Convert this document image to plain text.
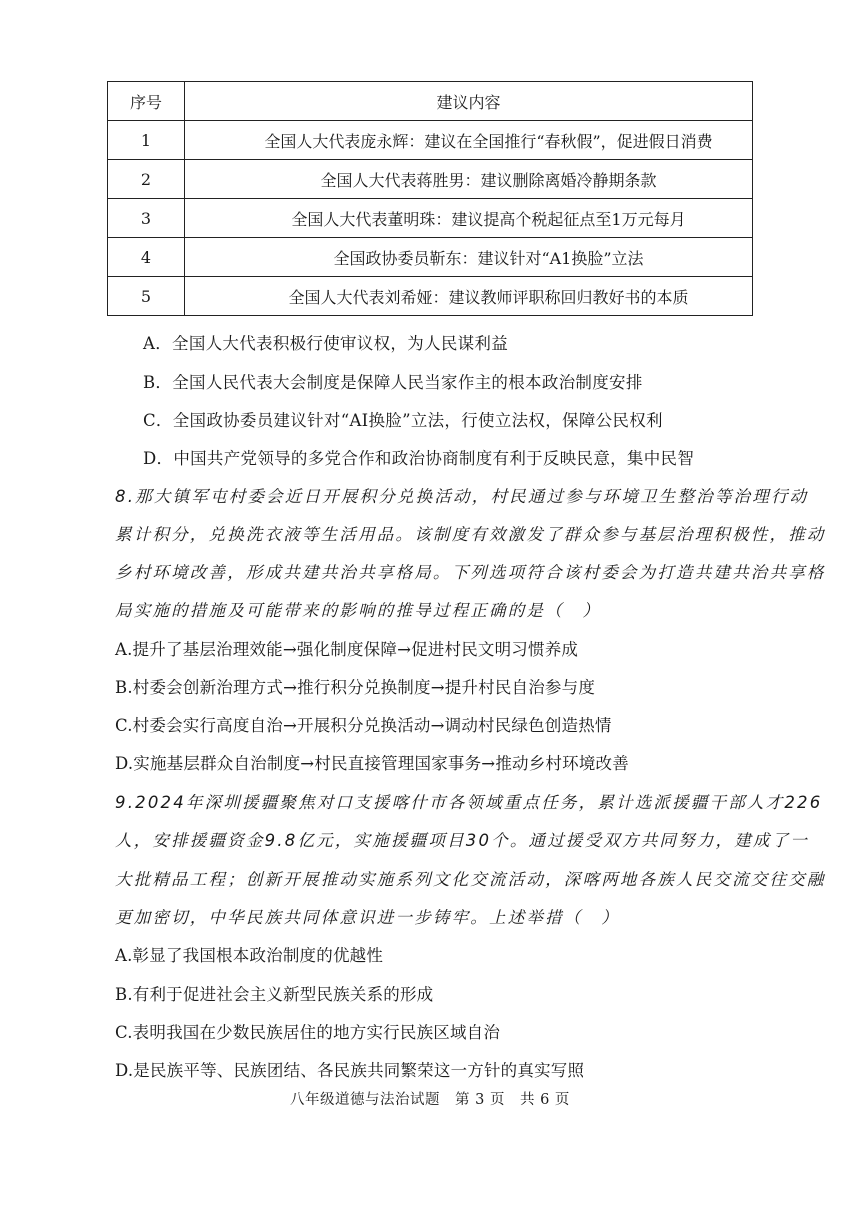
序号	建议内容
1	全国人大代表庞永辉：建议在全国推行“春秋假”，促进假日消费
2	全国人大代表蒋胜男：建议删除离婚冷静期条款
3	全国人大代表董明珠：建议提高个税起征点至1万元每月
4	全国政协委员靳东：建议针对“A1换脸”立法
5	全国人大代表刘希娅：建议教师评职称回归教好书的本质
A．全国人大代表积极行使审议权，为人民谋利益
B．全国人民代表大会制度是保障人民当家作主的根本政治制度安排
C．全国政协委员建议针对“AI换脸”立法，行使立法权，保障公民权利
D．中国共产党领导的多党合作和政治协商制度有利于反映民意，集中民智
8.那大镇军屯村委会近日开展积分兑换活动，村民通过参与环境卫生整治等治理行动
累计积分，兑换洗衣液等生活用品。该制度有效激发了群众参与基层治理积极性，推动
乡村环境改善，形成共建共治共享格局。下列选项符合该村委会为打造共建共治共享格
局实施的措施及可能带来的影响的推导过程正确的是（　）
A.提升了基层治理效能→强化制度保障→促进村民文明习惯养成
B.村委会创新治理方式→推行积分兑换制度→提升村民自治参与度
C.村委会实行高度自治→开展积分兑换活动→调动村民绿色创造热情
D.实施基层群众自治制度→村民直接管理国家事务→推动乡村环境改善
9.2024年深圳援疆聚焦对口支援喀什市各领域重点任务，累计选派援疆干部人才226
人，安排援疆资金9.8亿元，实施援疆项目30个。通过援受双方共同努力，建成了一
大批精品工程；创新开展推动实施系列文化交流活动，深喀两地各族人民交流交往交融
更加密切，中华民族共同体意识进一步铸牢。上述举措（　）
A.彰显了我国根本政治制度的优越性
B.有利于促进社会主义新型民族关系的形成
C.表明我国在少数民族居住的地方实行民族区域自治
D.是民族平等、民族团结、各民族共同繁荣这一方针的真实写照
八年级道德与法治试题　第 3 页　共 6 页
